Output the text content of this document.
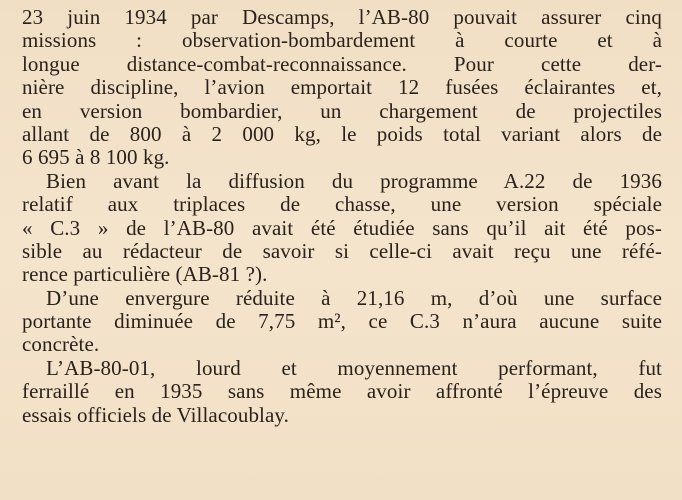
23 juin 1934 par Descamps, l’AB-80 pouvait assurer cinq
missions : observation-bombardement à courte et à
longue distance-combat-reconnaissance. Pour cette der-
nière discipline, l’avion emportait 12 fusées éclairantes et,
en version bombardier, un chargement de projectiles
allant de 800 à 2 000 kg, le poids total variant alors de
6 695 à 8 100 kg.
Bien avant la diffusion du programme A.22 de 1936
relatif aux triplaces de chasse, une version spéciale
« C.3 » de l’AB-80 avait été étudiée sans qu’il ait été pos-
sible au rédacteur de savoir si celle-ci avait reçu une réfé-
rence particulière (AB-81 ?).
D’une envergure réduite à 21,16 m, d’où une surface
portante diminuée de 7,75 m², ce C.3 n’aura aucune suite
concrète.
L’AB-80-01, lourd et moyennement performant, fut
ferraillé en 1935 sans même avoir affronté l’épreuve des
essais officiels de Villacoublay.
